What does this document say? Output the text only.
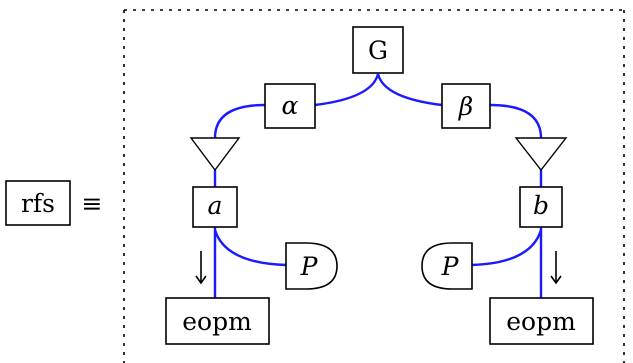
rfs ≡
G
α	β
a	b
P	P
eopm	eopm
